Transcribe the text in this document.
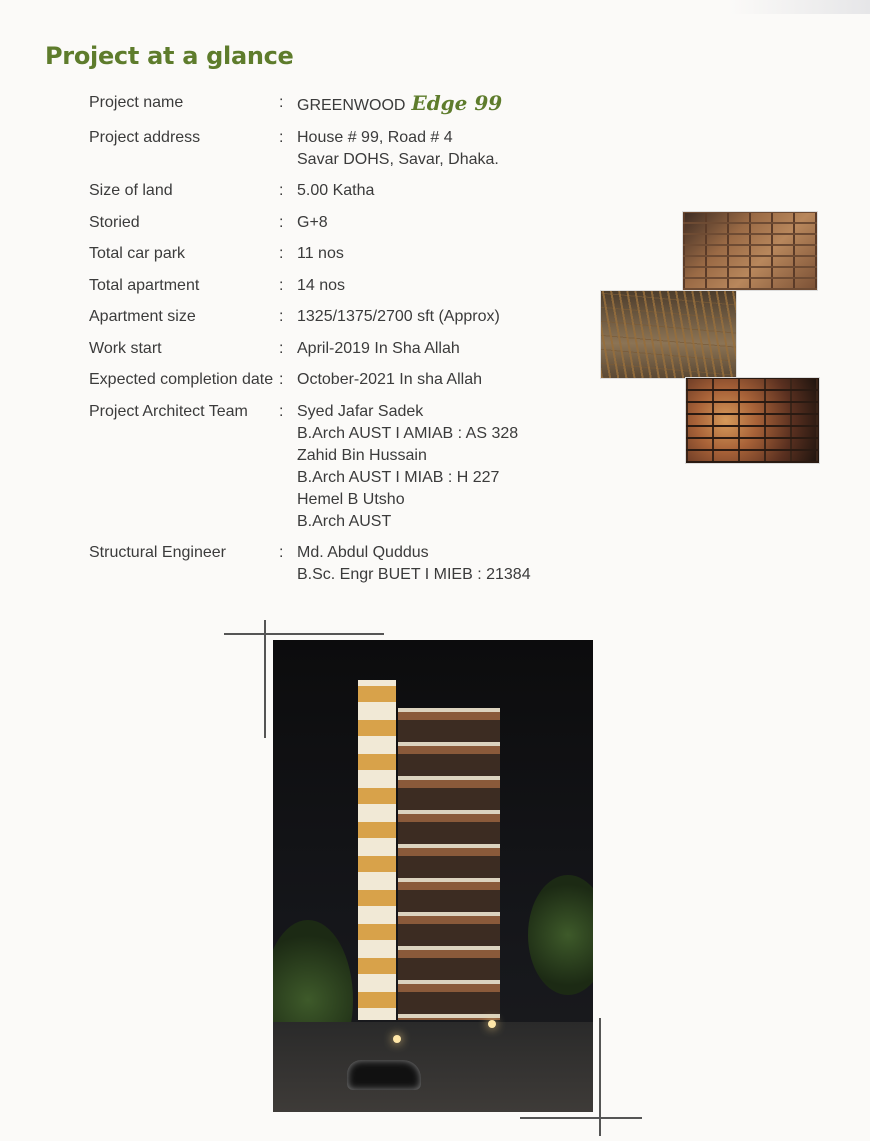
Project at a glance
Project name	: GREENWOOD Edge 99
Project address	: House # 99, Road # 4
Savar DOHS, Savar, Dhaka.
Size of land	: 5.00 Katha
Storied	: G+8
Total car park	: 11 nos
Total apartment	: 14 nos
Apartment size	: 1325/1375/2700 sft (Approx)
Work start	: April-2019 In Sha Allah
Expected completion date : October-2021 In sha Allah
Project Architect Team	: Syed Jafar Sadek
B.Arch AUST I AMIAB : AS 328
Zahid Bin Hussain
B.Arch AUST I MIAB : H 227
Hemel B Utsho
B.Arch AUST
Structural Engineer	: Md. Abdul Quddus
B.Sc. Engr BUET I MIEB : 21384
